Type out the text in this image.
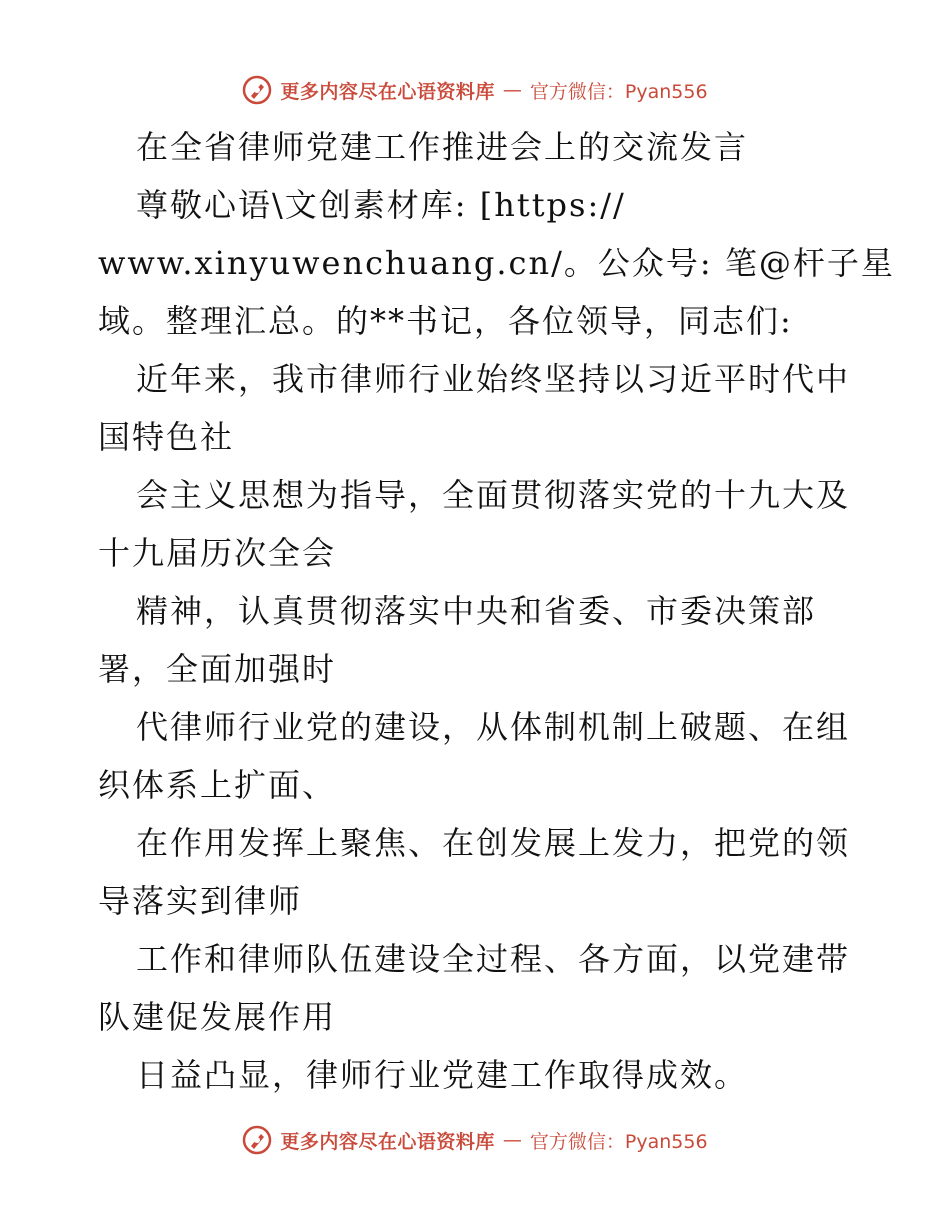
更多内容尽在心语资料库 — 官方微信：Pyan556
在全省律师党建工作推进会上的交流发言
尊敬心语\文创素材库: [https://
www.xinyuwenchuang.cn/。公众号: 笔@杆子星
域。整理汇总。的**书记，各位领导，同志们:
近年来，我市律师行业始终坚持以习近平时代中
国特色社
会主义思想为指导，全面贯彻落实党的十九大及
十九届历次全会
精神，认真贯彻落实中央和省委、市委决策部
署，全面加强时
代律师行业党的建设，从体制机制上破题、在组
织体系上扩面、
在作用发挥上聚焦、在创发展上发力，把党的领
导落实到律师
工作和律师队伍建设全过程、各方面，以党建带
队建促发展作用
日益凸显，律师行业党建工作取得成效。
更多内容尽在心语资料库 — 官方微信：Pyan556
